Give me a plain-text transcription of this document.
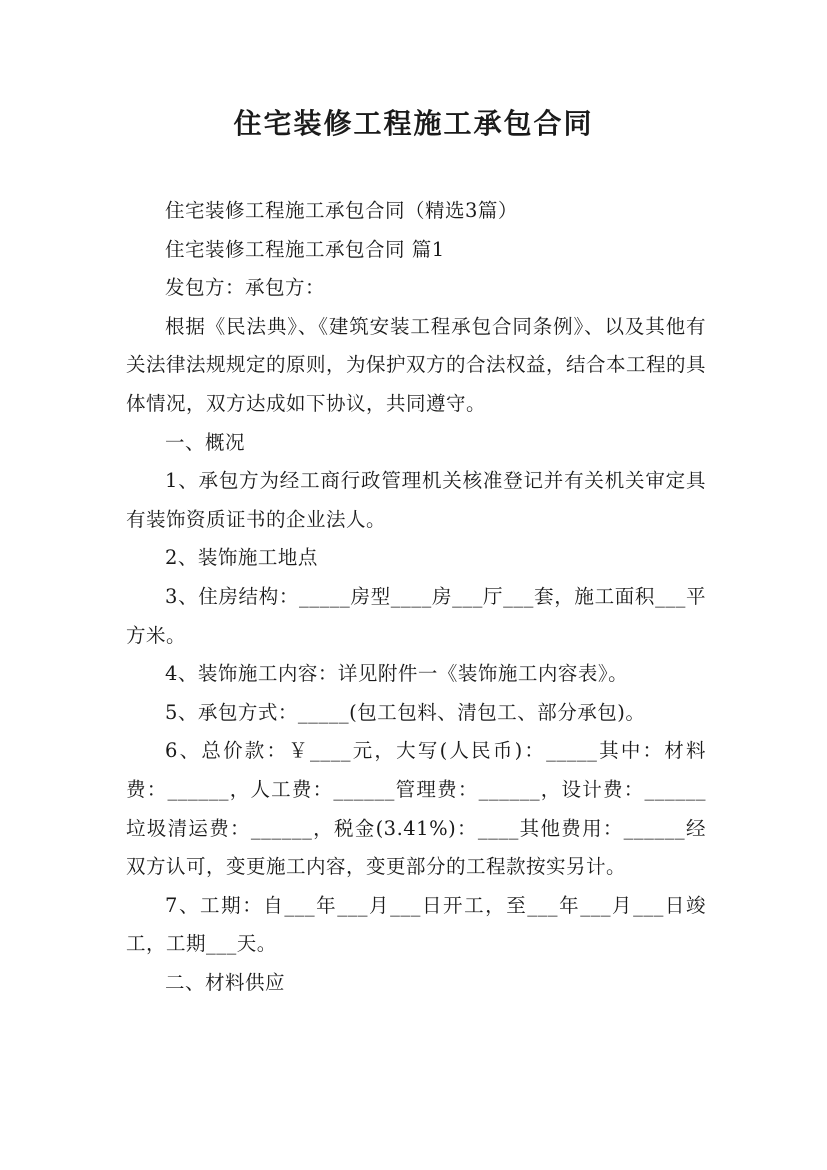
住宅装修工程施工承包合同

住宅装修工程施工承包合同（精选3篇）

住宅装修工程施工承包合同 篇1

发包方：承包方：

根据《民法典》、《建筑安装工程承包合同条例》、以及其他有关法律法规规定的原则，为保护双方的合法权益，结合本工程的具体情况，双方达成如下协议，共同遵守。

一、概况

1、承包方为经工商行政管理机关核准登记并有关机关审定具有装饰资质证书的企业法人。

2、装饰施工地点

3、住房结构：_____房型____房___厅___套，施工面积___平方米。

4、装饰施工内容：详见附件一《装饰施工内容表》。

5、承包方式：_____(包工包料、清包工、部分承包)。

6、总价款：￥____元，大写(人民币)：_____其中：材料费：______，人工费：______管理费：______，设计费：______垃圾清运费：______，税金(3.41%)：____其他费用：______经双方认可，变更施工内容，变更部分的工程款按实另计。

7、工期：自___年___月___日开工，至___年___月___日竣工，工期___天。

二、材料供应
